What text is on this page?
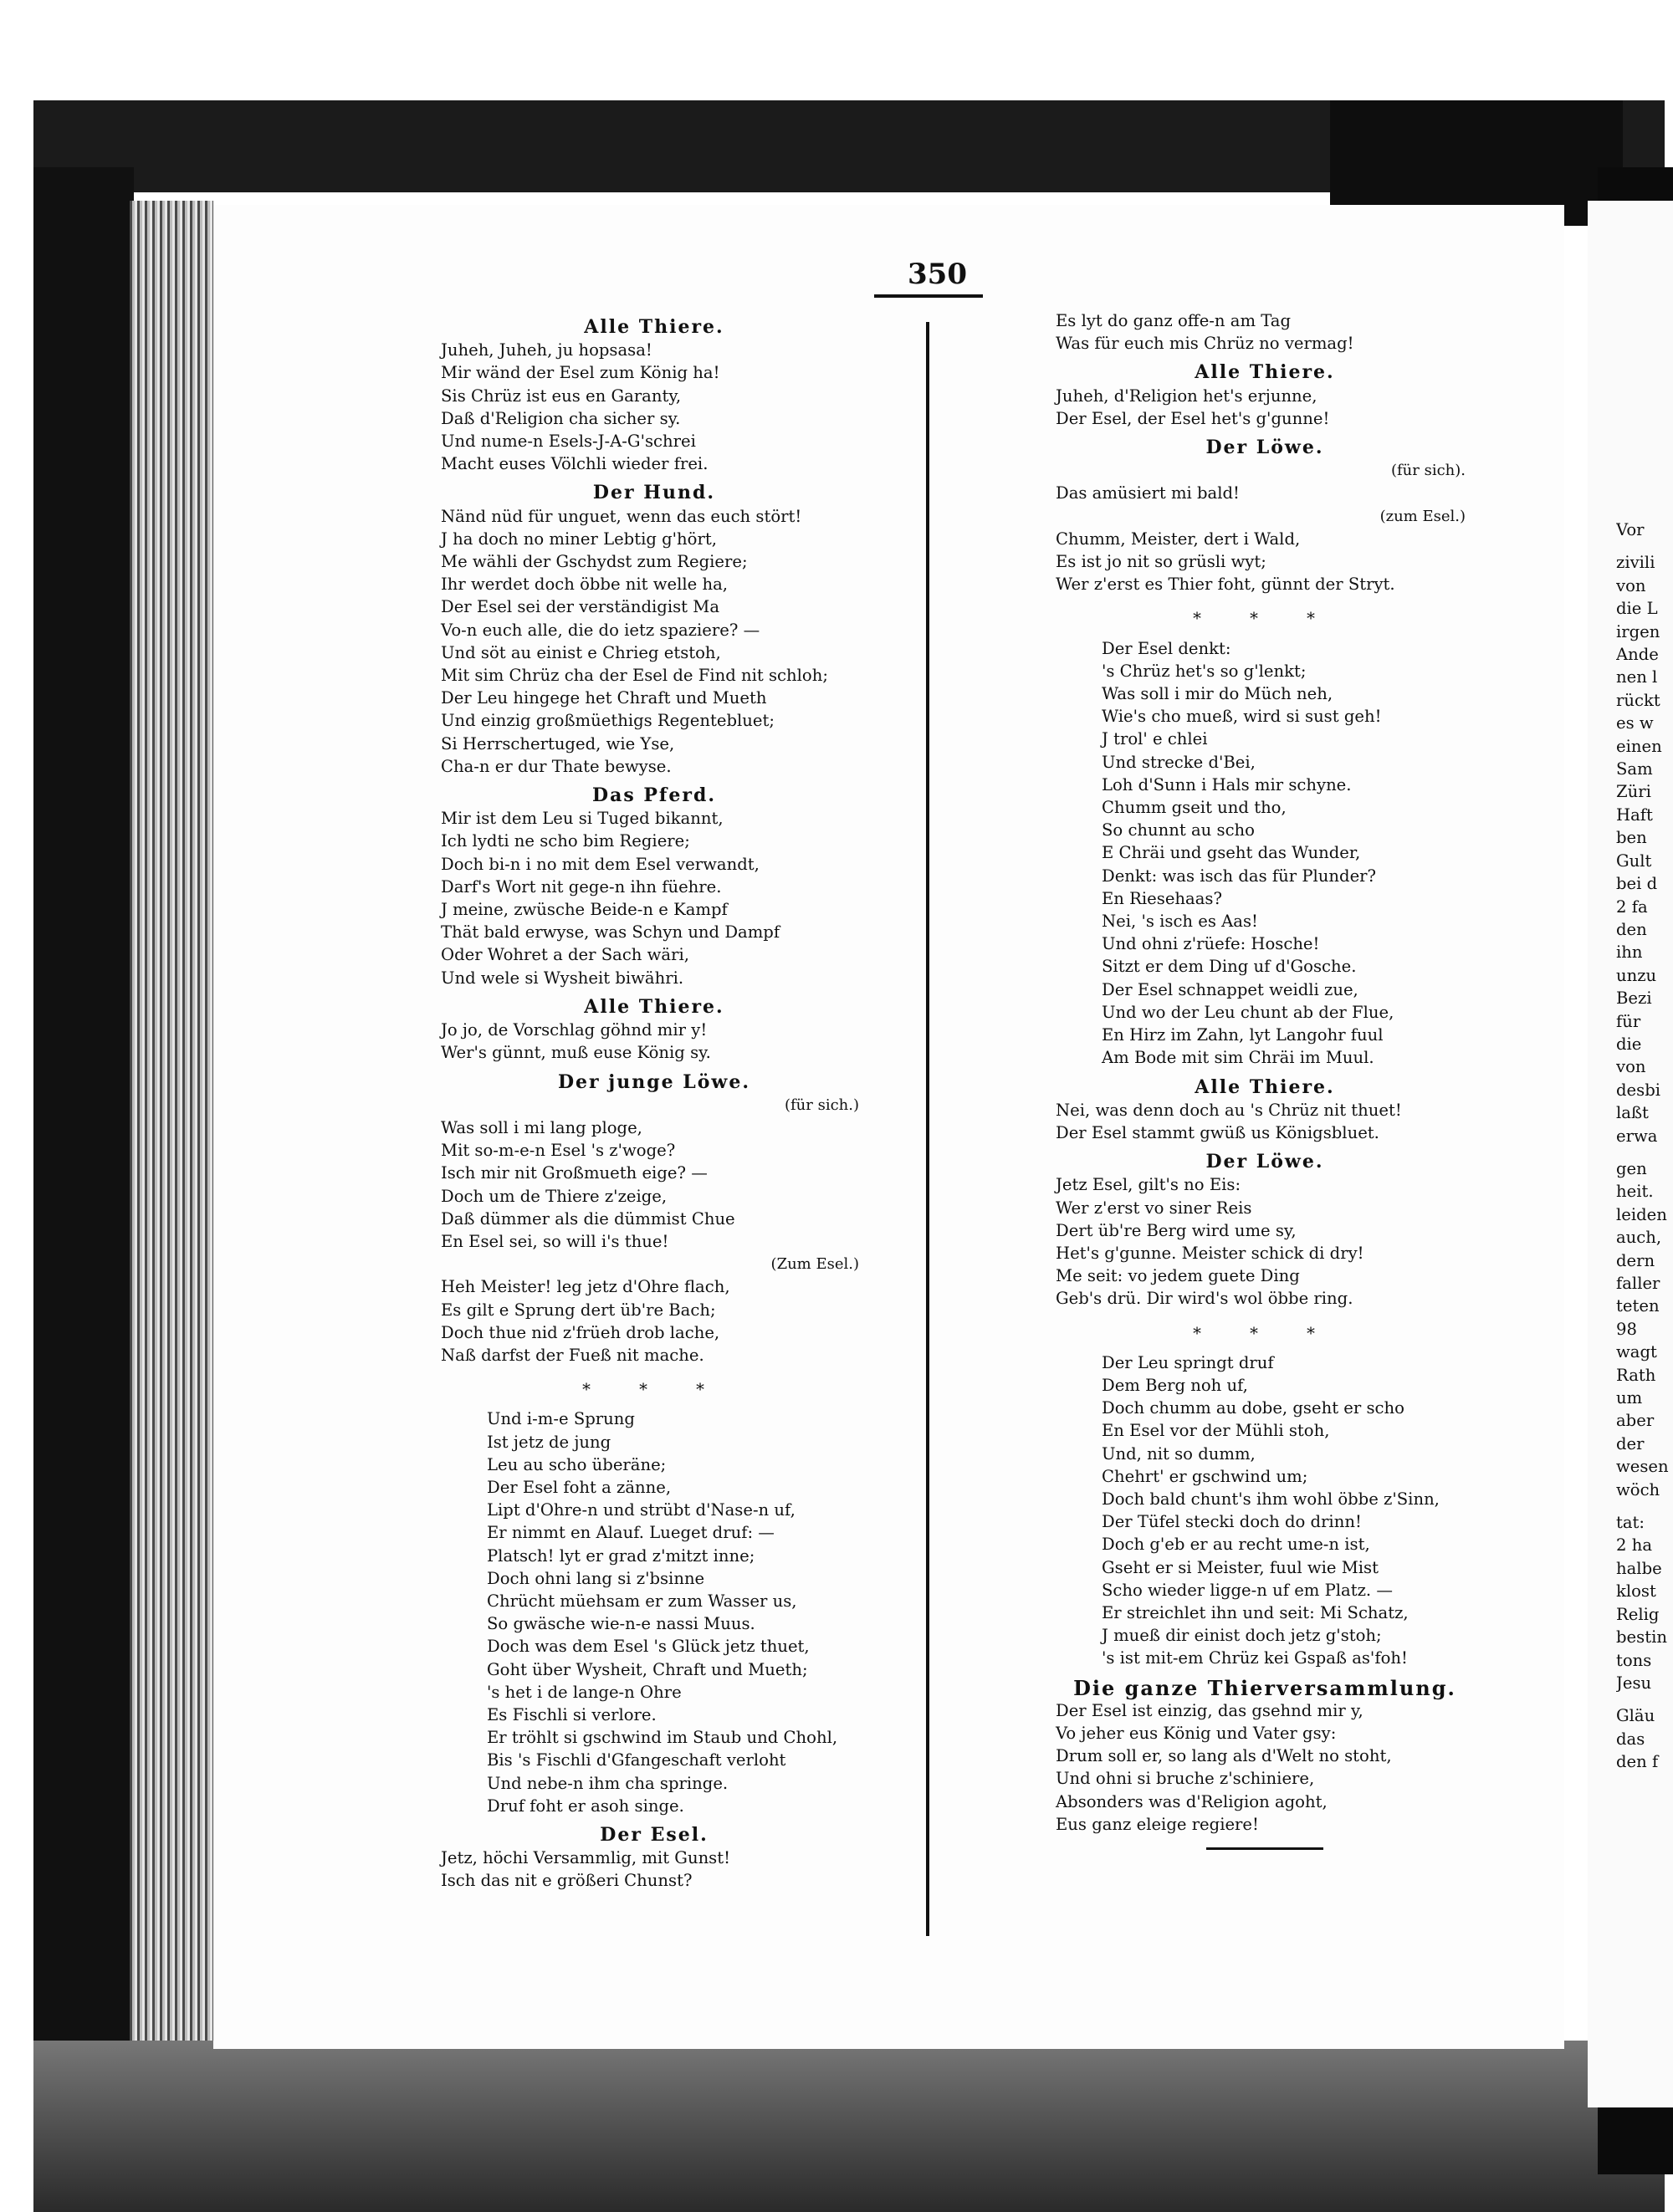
350
Alle Thiere.
Juheh, Juheh, ju hopsasa!
Mir wänd der Esel zum König ha!
Sis Chrüz ist eus en Garanty,
Daß d'Religion cha sicher sy.
Und nume-n Esels-J-A-G'schrei
Macht euses Völchli wieder frei.
Der Hund.
Nänd nüd für unguet, wenn das euch stört!
J ha doch no miner Lebtig g'hört,
Me wähli der Gschydst zum Regiere;
Ihr werdet doch öbbe nit welle ha,
Der Esel sei der verständigist Ma
Vo-n euch alle, die do ietz spaziere? —
Und söt au einist e Chrieg etstoh,
Mit sim Chrüz cha der Esel de Find nit schloh;
Der Leu hingege het Chraft und Mueth
Und einzig großmüethigs Regentebluet;
Si Herrschertuged, wie Yse,
Cha-n er dur Thate bewyse.
Das Pferd.
Mir ist dem Leu si Tuged bikannt,
Ich lydti ne scho bim Regiere;
Doch bi-n i no mit dem Esel verwandt,
Darf's Wort nit gege-n ihn füehre.
J meine, zwüsche Beide-n e Kampf
Thät bald erwyse, was Schyn und Dampf
Oder Wohret a der Sach wäri,
Und wele si Wysheit biwähri.
Alle Thiere.
Jo jo, de Vorschlag göhnd mir y!
Wer's günnt, muß euse König sy.
Der junge Löwe.
(für sich.)
Was soll i mi lang ploge,
Mit so-m-e-n Esel 's z'woge?
Isch mir nit Großmueth eige? —
Doch um de Thiere z'zeige,
Daß dümmer als die dümmist Chue
En Esel sei, so will i's thue!
(Zum Esel.)
Heh Meister! leg jetz d'Ohre flach,
Es gilt e Sprung dert üb're Bach;
Doch thue nid z'früeh drob lache,
Naß darfst der Fueß nit mache.
* * *
Und i-m-e Sprung
Ist jetz de jung
Leu au scho überäne;
Der Esel foht a zänne,
Lipt d'Ohre-n und strübt d'Nase-n uf,
Er nimmt en Alauf. Lueget druf: —
Platsch! lyt er grad z'mitzt inne;
Doch ohni lang si z'bsinne
Chrücht müehsam er zum Wasser us,
So gwäsche wie-n-e nassi Muus.
Doch was dem Esel 's Glück jetz thuet,
Goht über Wysheit, Chraft und Mueth;
's het i de lange-n Ohre
Es Fischli si verlore.
Er tröhlt si gschwind im Staub und Chohl,
Bis 's Fischli d'Gfangeschaft verloht
Und nebe-n ihm cha springe.
Druf foht er asoh singe.
Der Esel.
Jetz, höchi Versammlig, mit Gunst!
Isch das nit e größeri Chunst?
Es lyt do ganz offe-n am Tag
Was für euch mis Chrüz no vermag!
Alle Thiere.
Juheh, d'Religion het's erjunne,
Der Esel, der Esel het's g'gunne!
Der Löwe.
(für sich).
Das amüsiert mi bald!
(zum Esel.)
Chumm, Meister, dert i Wald,
Es ist jo nit so grüsli wyt;
Wer z'erst es Thier foht, günnt der Stryt.
* * *
Der Esel denkt:
's Chrüz het's so g'lenkt;
Was soll i mir do Müch neh,
Wie's cho mueß, wird si sust geh!
J trol' e chlei
Und strecke d'Bei,
Loh d'Sunn i Hals mir schyne.
Chumm gseit und tho,
So chunnt au scho
E Chräi und gseht das Wunder,
Denkt: was isch das für Plunder?
En Riesehaas?
Nei, 's isch es Aas!
Und ohni z'rüefe: Hosche!
Sitzt er dem Ding uf d'Gosche.
Der Esel schnappet weidli zue,
Und wo der Leu chunt ab der Flue,
En Hirz im Zahn, lyt Langohr fuul
Am Bode mit sim Chräi im Muul.
Alle Thiere.
Nei, was denn doch au 's Chrüz nit thuet!
Der Esel stammt gwüß us Königsbluet.
Der Löwe.
Jetz Esel, gilt's no Eis:
Wer z'erst vo siner Reis
Dert üb're Berg wird ume sy,
Het's g'gunne. Meister schick di dry!
Me seit: vo jedem guete Ding
Geb's drü. Dir wird's wol öbbe ring.
* * *
Der Leu springt druf
Dem Berg noh uf,
Doch chumm au dobe, gseht er scho
En Esel vor der Mühli stoh,
Und, nit so dumm,
Chehrt' er gschwind um;
Doch bald chunt's ihm wohl öbbe z'Sinn,
Der Tüfel stecki doch do drinn!
Doch g'eb er au recht ume-n ist,
Gseht er si Meister, fuul wie Mist
Scho wieder ligge-n uf em Platz. —
Er streichlet ihn und seit: Mi Schatz,
J mueß dir einist doch jetz g'stoh;
's ist mit-em Chrüz kei Gspaß as'foh!
Die ganze Thierversammlung.
Der Esel ist einzig, das gsehnd mir y,
Vo jeher eus König und Vater gsy:
Drum soll er, so lang als d'Welt no stoht,
Und ohni si bruche z'schiniere,
Absonders was d'Religion agoht,
Eus ganz eleige regiere!
Vor
zivili
von
die L
irgen
Ande
nen l
rückt
es w
einen
Sam
Züri
Haft
ben
Gult
bei d
2 fa
den
ihn
unzu
Bezi
für
die
von
desbi
laßt
erwa
gen
heit.
leiden
auch,
dern
faller
teten
98
wagt
Rath
um
aber
der
wesen
wöch
tat:
2 ha
halbe
klost
Relig
bestin
tons
Jesu
Gläu
das
den f
